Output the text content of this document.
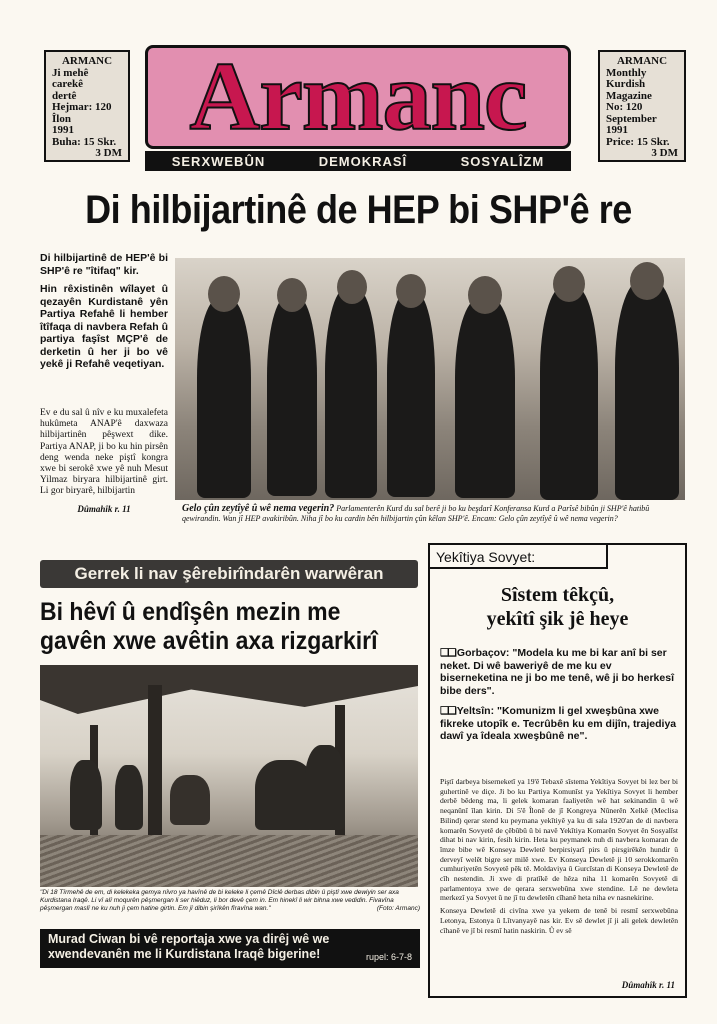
ARMANC
Ji mehê
carekê
dertê
Hejmar: 120
Îlon
1991
Buha: 15 Skr.
3 DM
ARMANC
Monthly
Kurdish
Magazine
No: 120
September
1991
Price: 15 Skr.
3 DM
Armanc
SERXWEBÛN	DEMOKRASÎ	SOSYALÎZM
Di hilbijartinê de HEP bi SHP'ê re

Di hilbijartinê de HEP'ê bi SHP'ê re "îtifaq" kir.

Hin rêxistinên wîlayet û qezayên Kurdistanê yên Partiya Refahê li hember îtîfaqa di navbera Refah û partiya faşîst MÇP'ê de derketin û her ji bo vê yekê ji Refahê veqetiyan.

Ev e du sal û nîv e ku muxalefeta hukûmeta ANAP'ê daxwaza hilbijartinên pêşwext dike. Partiya ANAP, ji bo ku hin pirsên deng wenda neke piştî kongra xwe bi serokê xwe yê nuh Mesut Yilmaz biryara hilbijartinê girt. Li gor biryarê, hilbijartin

Dûmahîk r. 11	Gelo çûn zeytîyê û wê nema vegerin? Parlamenterên Kurd du sal berê ji bo ku beşdarî Konferansa Kurd a Parîsê bibûn ji SHP'ê hatibû qewirandin. Wan jî HEP avakiribûn. Niha jî bo ku cardin bên hilbijartin çûn kêlan SHP'ê. Encam: Gelo çûn zeytîyê û wê nema vegerin?
Gerrek li nav şêrebirîndarên warwêran
Bi hêvî û endîşên mezin me
gavên xwe avêtin axa rizgarkirî
"Di 18 Tîrmehê de em, di kelekeka gemya nîvro ya havînê de bi keleke li çemê Dîclê derbas dibin û piştî xwe dewiyin ser axa Kurdistana Iraqê. Li vî alî moqurên pêşmergan li ser hiêduz, li bor devê çem in. Em hinekî li wir bihna xwe vedidin. Fivavîna pêşmergan maslî ne ku nuh ji çem hatine girtin. Em jî dibin şirîkên fîravîna wan."	(Foto: Armanc)
Murad Ciwan bi vê reportaja xwe ya dirêj wê we xwendevanên me li Kurdistana Iraqê bigerine!	rupel: 6-7-8
Yekîtiya Sovyet:
Sîstem têkçû,
yekîtî şik jê heye
❑❑ Gorbaçov: "Modela ku me bi kar anî bi ser neket. Di wê baweriyê de me ku ev biserneketina ne ji bo me tenê, wê ji bo herkesî bibe ders".
❑❑ Yeltsîn: "Komunizm li gel xweşbûna xwe fikreke utopîk e. Tecrûbên ku em dijîn, trajediya dawî ya îdeala xweşbûnê ne".

Piştî darbeya biserneketî ya 19'ê Tebaxê sîstema Yekîtiya Sovyet bi lez ber bi guhertinê ve diçe. Ji bo ku Partiya Komunîst ya Yekîtiya Sovyet li hember derbê bêdeng ma, li gelek komaran faaliyetên wê hat sekinandin û wê neqanûnî îlan kirin. Di 5'ê Îlonê de jî Kongreya Nûnerên Xelkê (Meclisa Bilind) qerar stend ku peymana yekîtiyê ya ku di sala 1920'an de di navbera komarên Sovyetê de çêbûbû û bi navê Yekîtiya Komarên Sovyet ên Sosyalîst dihat bi nav kirin, fesih kirin. Heta ku peymanek nuh di navbera komaran de îmze bibe wê Konseya Dewletê berpirsiyarî pirs û pirsgirêkên hundir û derveyî welêt bigre ser milê xwe. Ev Konseya Dewletê ji 10 serokkomarên cumhuriyetên Sovyetê pêk tê. Moldaviya û Gurcîstan di Konseya Dewletê de cîh nestendin. Ji xwe di pratîkê de hêza niha 11 komarên Sovyetê di parlamentoya xwe de qerara serxwebûna xwe stendine. Lê ne dewleta merkezî ya Sovyet û ne jî tu dewletên cîhanê heta niha ev nasnekirine.

Konseya Dewletê di civîna xwe ya yekem de tenê bi resmî serxwebûna Letonya, Estonya û Lîtvanyayê nas kir. Ev sê dewlet jî ji ali gelek dewletên cîhanê ve jî bi resmî hatin naskirin. Û ev sê

Dûmahîk r. 11
